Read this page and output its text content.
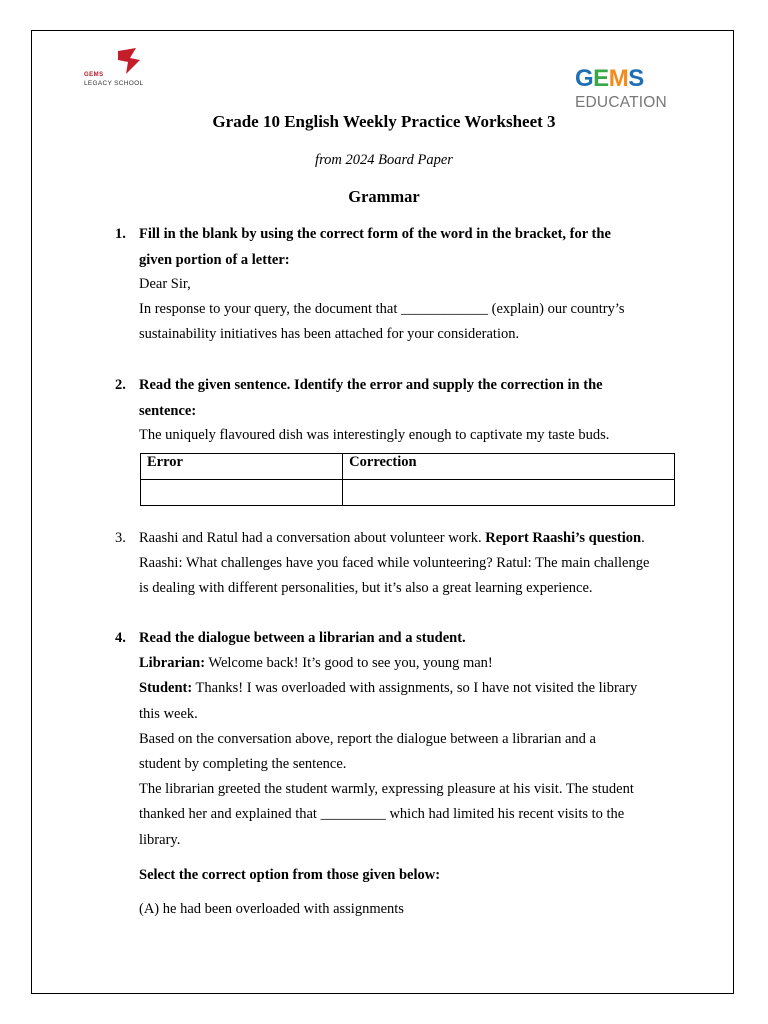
GEMS
LEGACY SCHOOL	GEMS
EDUCATION
Grade 10 English Weekly Practice Worksheet 3
from 2024 Board Paper
Grammar
1. Fill in the blank by using the correct form of the word in the bracket, for the
given portion of a letter:
Dear Sir,
In response to your query, the document that ____________ (explain) our country’s
sustainability initiatives has been attached for your consideration.
2. Read the given sentence. Identify the error and supply the correction in the
sentence:
The uniquely flavoured dish was interestingly enough to captivate my taste buds.
Error	Correction

3. Raashi and Ratul had a conversation about volunteer work. Report Raashi’s question.
Raashi: What challenges have you faced while volunteering? Ratul: The main challenge
is dealing with different personalities, but it’s also a great learning experience.
4. Read the dialogue between a librarian and a student.
Librarian: Welcome back! It’s good to see you, young man!
Student: Thanks! I was overloaded with assignments, so I have not visited the library
this week.
Based on the conversation above, report the dialogue between a librarian and a
student by completing the sentence.
The librarian greeted the student warmly, expressing pleasure at his visit. The student
thanked her and explained that _________ which had limited his recent visits to the
library.
Select the correct option from those given below:
(A) he had been overloaded with assignments
